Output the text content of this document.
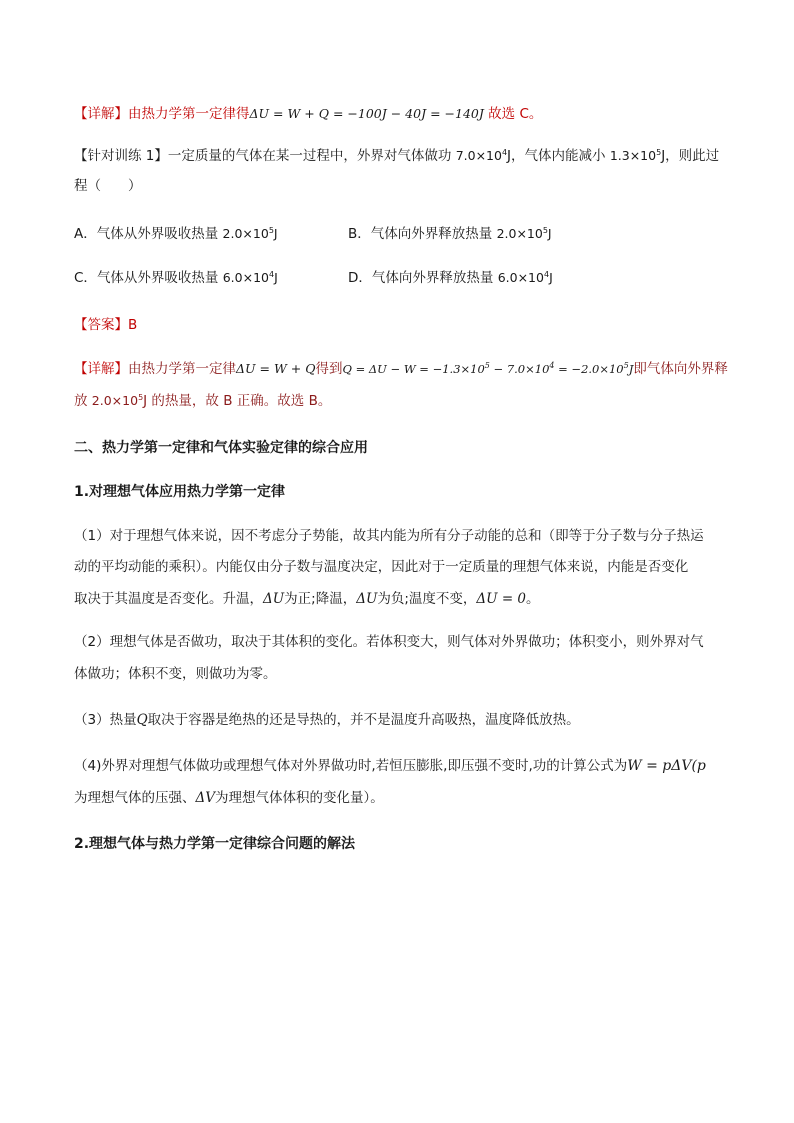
【详解】由热力学第一定律得ΔU = W + Q = −100J − 40J = −140J 故选 C。
【针对训练 1】一定质量的气体在某一过程中，外界对气体做功 $7.0\times 10^4J$，气体内能减小 $1.3\times 10^5J$，则此过
程（　　）
A．气体从外界吸收热量 $2.0\times 10^5J$	B．气体向外界释放热量 $2.0\times 10^5J$
C．气体从外界吸收热量 $6.0\times 10^4J$	D．气体向外界释放热量 $6.0\times 10^4J$
【答案】B
【详解】由热力学第一定律ΔU = W + Q得到$Q = \Delta U - W = -1.3\times 10^5 - 7.0\times 10^4 = -2.0\times 10^5J$即气体向外界释
放 $2.0\times 10^5J$ 的热量，故 B 正确。故选 B。
二、热力学第一定律和气体实验定律的综合应用
1.对理想气体应用热力学第一定律
（1）对于理想气体来说，因不考虑分子势能，故其内能为所有分子动能的总和（即等于分子数与分子热运
动的平均动能的乘积）。内能仅由分子数与温度决定，因此对于一定质量的理想气体来说，内能是否变化
取决于其温度是否变化。升温，ΔU为正;降温，ΔU为负;温度不变，ΔU = 0。
（2）理想气体是否做功，取决于其体积的变化。若体积变大，则气体对外界做功；体积变小，则外界对气
体做功；体积不变，则做功为零。
（3）热量Q取决于容器是绝热的还是导热的，并不是温度升高吸热，温度降低放热。
（4)外界对理想气体做功或理想气体对外界做功时,若恒压膨胀,即压强不变时,功的计算公式为W = pΔV(p
为理想气体的压强、ΔV为理想气体体积的变化量）。
2.理想气体与热力学第一定律综合问题的解法
